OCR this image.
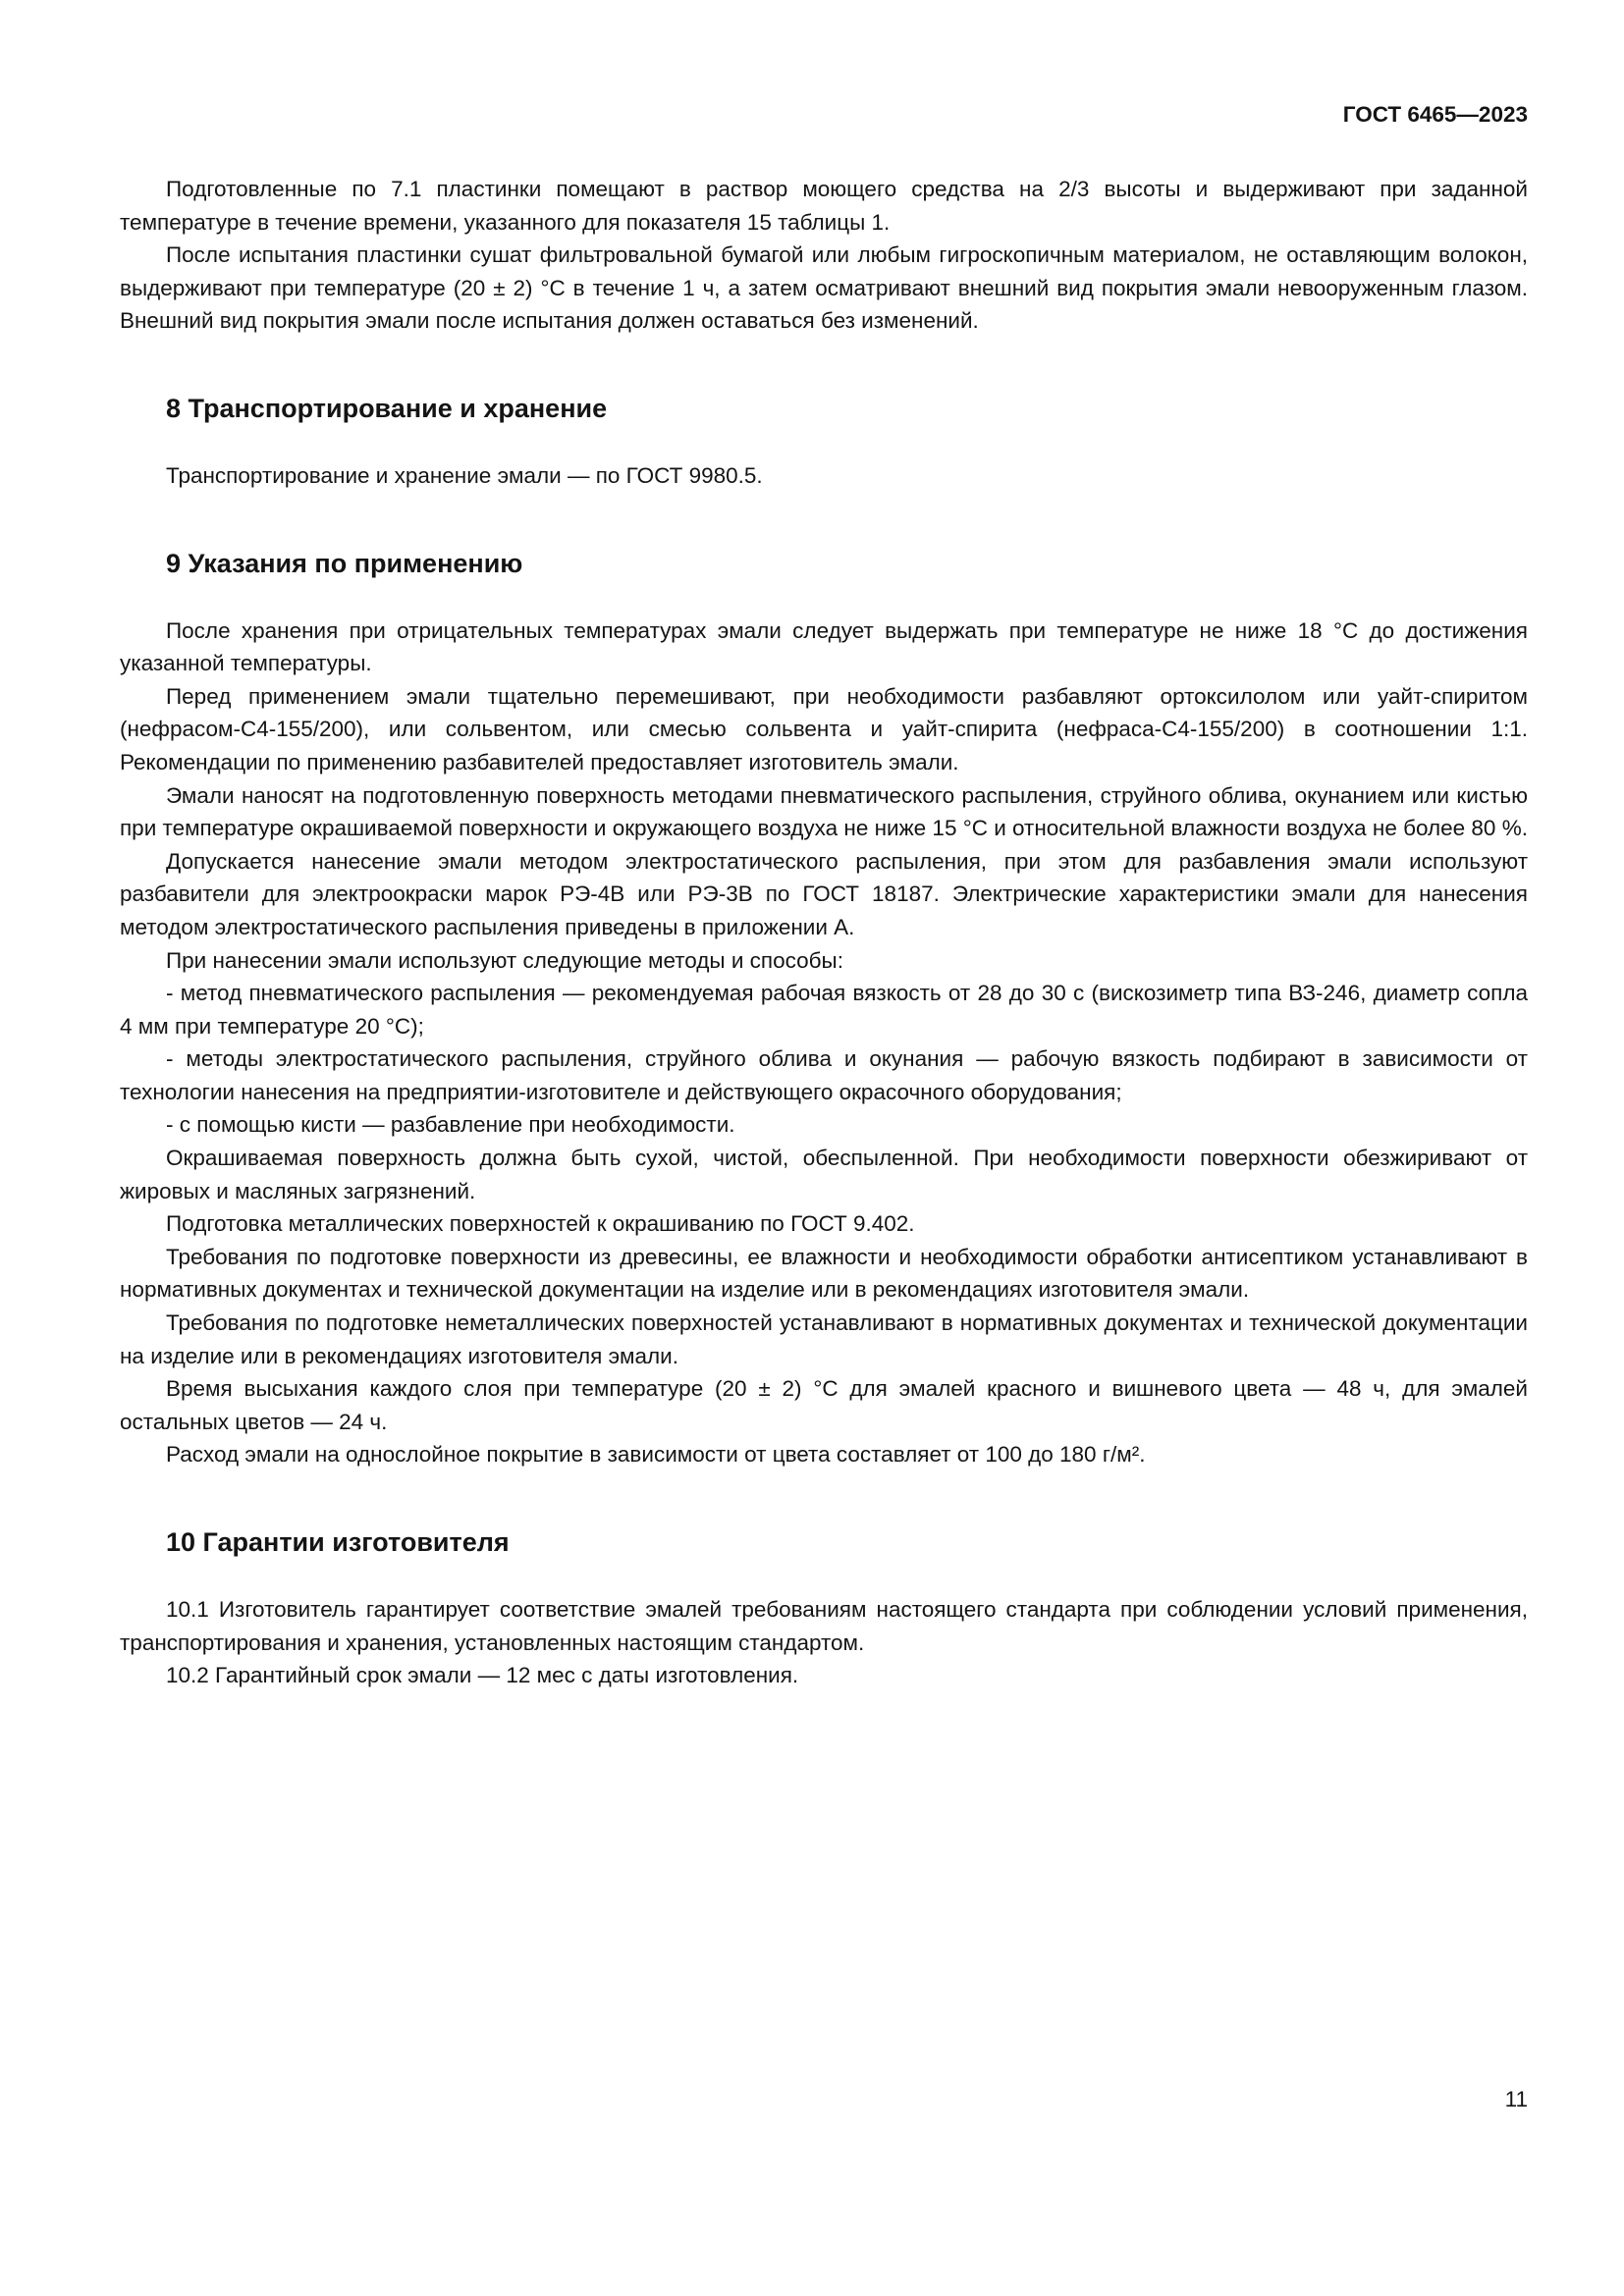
ГОСТ 6465—2023

Подготовленные по 7.1 пластинки помещают в раствор моющего средства на 2/3 высоты и выдерживают при заданной температуре в течение времени, указанного для показателя 15 таблицы 1.

После испытания пластинки сушат фильтровальной бумагой или любым гигроскопичным материалом, не оставляющим волокон, выдерживают при температуре (20 ± 2) °С в течение 1 ч, а затем осматривают внешний вид покрытия эмали невооруженным глазом. Внешний вид покрытия эмали после испытания должен оставаться без изменений.

8 Транспортирование и хранение

Транспортирование и хранение эмали — по ГОСТ 9980.5.

9 Указания по применению

После хранения при отрицательных температурах эмали следует выдержать при температуре не ниже 18 °С до достижения указанной температуры.

Перед применением эмали тщательно перемешивают, при необходимости разбавляют ортоксилолом или уайт-спиритом (нефрасом-С4-155/200), или сольвентом, или смесью сольвента и уайт-спирита (нефраса-С4-155/200) в соотношении 1:1. Рекомендации по применению разбавителей предоставляет изготовитель эмали.

Эмали наносят на подготовленную поверхность методами пневматического распыления, струйного облива, окунанием или кистью при температуре окрашиваемой поверхности и окружающего воздуха не ниже 15 °С и относительной влажности воздуха не более 80 %.

Допускается нанесение эмали методом электростатического распыления, при этом для разбавления эмали используют разбавители для электроокраски марок РЭ-4В или РЭ-3В по ГОСТ 18187. Электрические характеристики эмали для нанесения методом электростатического распыления приведены в приложении А.

При нанесении эмали используют следующие методы и способы:

- метод пневматического распыления — рекомендуемая рабочая вязкость от 28 до 30 с (вискозиметр типа ВЗ-246, диаметр сопла 4 мм при температуре 20 °С);

- методы электростатического распыления, струйного облива и окунания — рабочую вязкость подбирают в зависимости от технологии нанесения на предприятии-изготовителе и действующего окрасочного оборудования;

- с помощью кисти — разбавление при необходимости.

Окрашиваемая поверхность должна быть сухой, чистой, обеспыленной. При необходимости поверхности обезжиривают от жировых и масляных загрязнений.

Подготовка металлических поверхностей к окрашиванию по ГОСТ 9.402.

Требования по подготовке поверхности из древесины, ее влажности и необходимости обработки антисептиком устанавливают в нормативных документах и технической документации на изделие или в рекомендациях изготовителя эмали.

Требования по подготовке неметаллических поверхностей устанавливают в нормативных документах и технической документации на изделие или в рекомендациях изготовителя эмали.

Время высыхания каждого слоя при температуре (20 ± 2) °С для эмалей красного и вишневого цвета — 48 ч, для эмалей остальных цветов — 24 ч.

Расход эмали на однослойное покрытие в зависимости от цвета составляет от 100 до 180 г/м².

10 Гарантии изготовителя

10.1 Изготовитель гарантирует соответствие эмалей требованиям настоящего стандарта при соблюдении условий применения, транспортирования и хранения, установленных настоящим стандартом.

10.2 Гарантийный срок эмали — 12 мес с даты изготовления.

11
